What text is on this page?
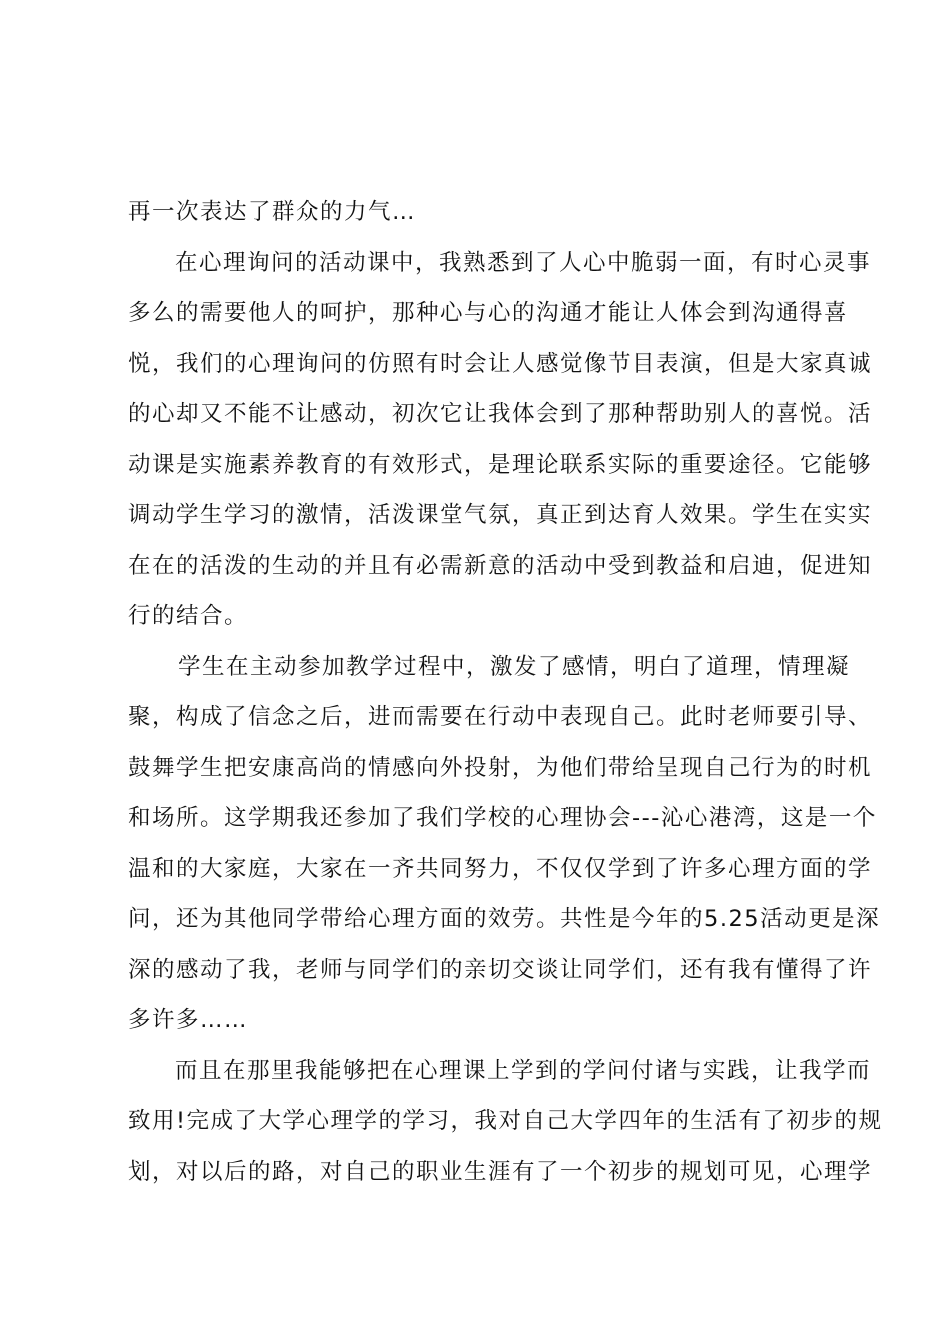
再一次表达了群众的力气…
在心理询问的活动课中，我熟悉到了人心中脆弱一面，有时心灵事
多么的需要他人的呵护，那种心与心的沟通才能让人体会到沟通得喜
悦，我们的心理询问的仿照有时会让人感觉像节目表演，但是大家真诚
的心却又不能不让感动，初次它让我体会到了那种帮助别人的喜悦。活
动课是实施素养教育的有效形式，是理论联系实际的重要途径。它能够
调动学生学习的激情，活泼课堂气氛，真正到达育人效果。学生在实实
在在的活泼的生动的并且有必需新意的活动中受到教益和启迪，促进知
行的结合。
学生在主动参加教学过程中，激发了感情，明白了道理，情理凝
聚，构成了信念之后，进而需要在行动中表现自己。此时老师要引导、
鼓舞学生把安康高尚的情感向外投射，为他们带给呈现自己行为的时机
和场所。这学期我还参加了我们学校的心理协会---沁心港湾，这是一个
温和的大家庭，大家在一齐共同努力，不仅仅学到了许多心理方面的学
问，还为其他同学带给心理方面的效劳。共性是今年的5.25活动更是深
深的感动了我，老师与同学们的亲切交谈让同学们，还有我有懂得了许
多许多……
而且在那里我能够把在心理课上学到的学问付诸与实践，让我学而
致用!完成了大学心理学的学习，我对自己大学四年的生活有了初步的规
划，对以后的路，对自己的职业生涯有了一个初步的规划可见，心理学
